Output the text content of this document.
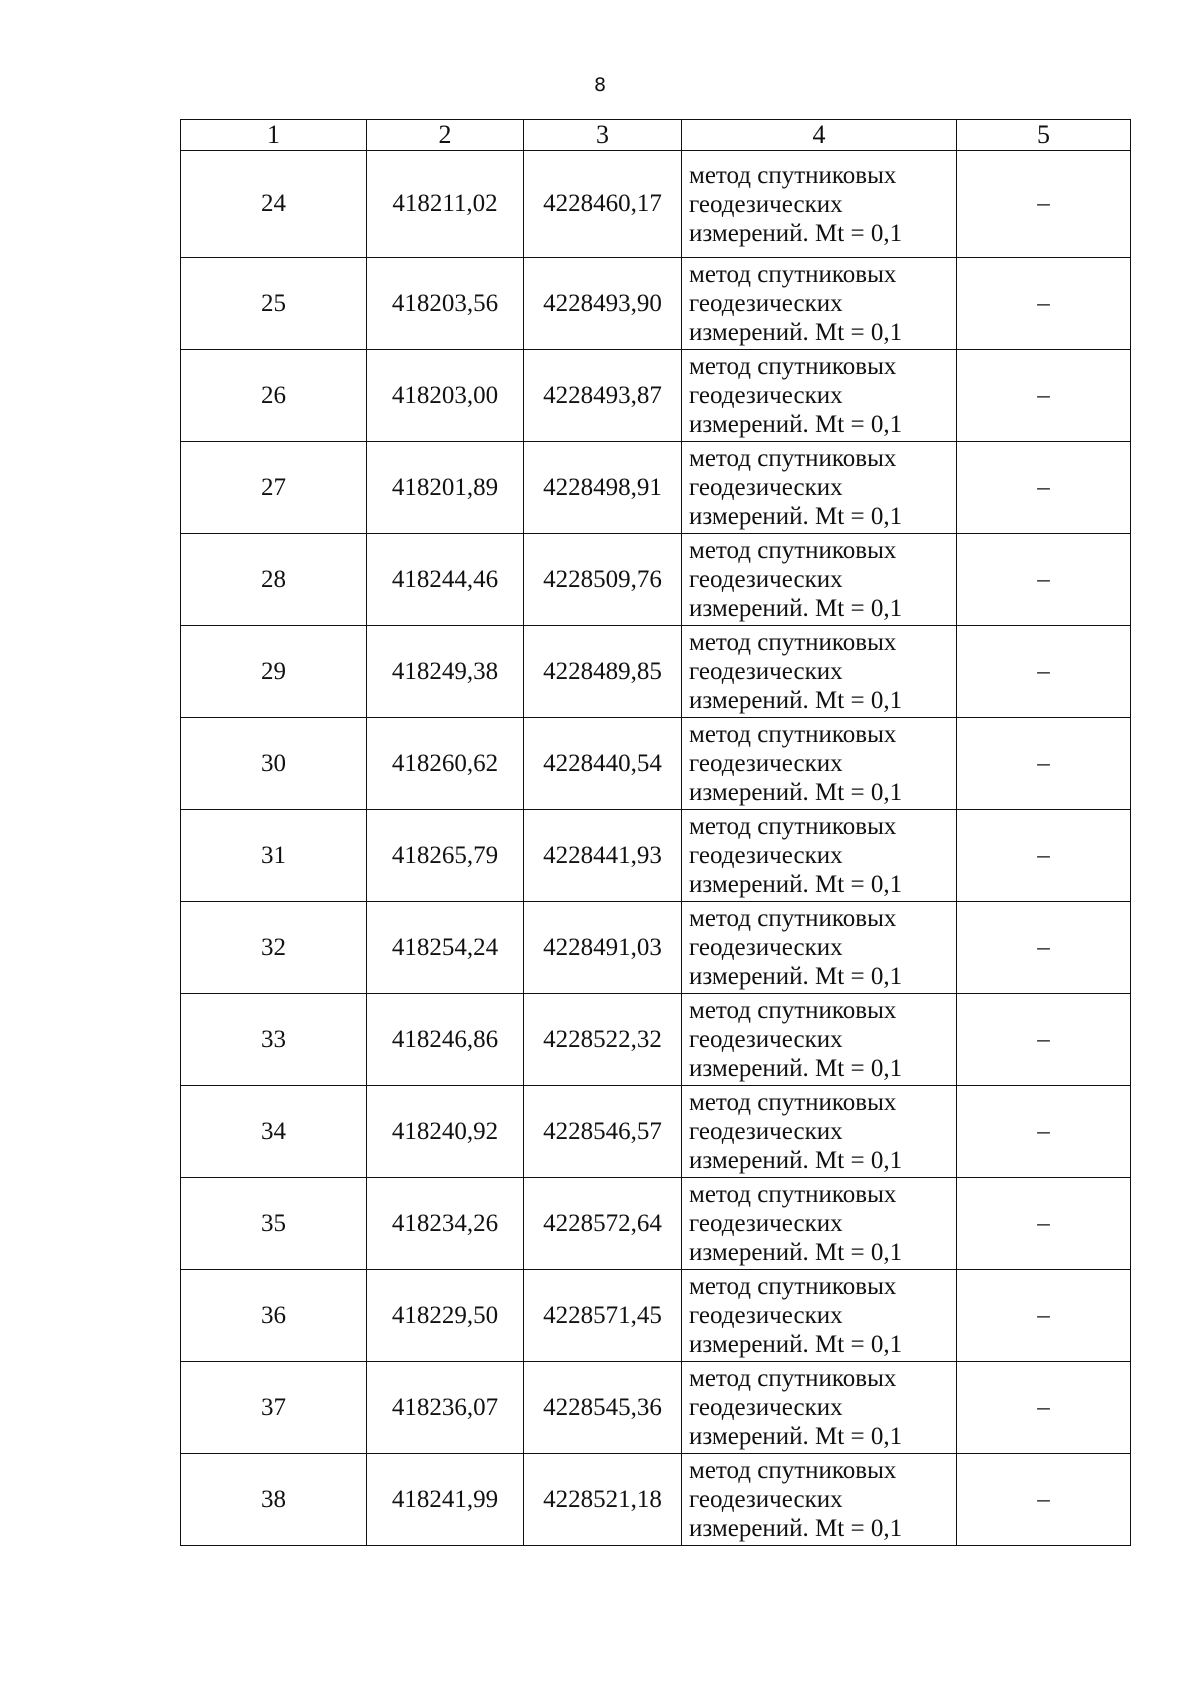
8
1	2	3	4	5
24	418211,02	4228460,17	метод спутниковых
геодезических
измерений. Mt = 0,1	–
25	418203,56	4228493,90	метод спутниковых
геодезических
измерений. Mt = 0,1	–
26	418203,00	4228493,87	метод спутниковых
геодезических
измерений. Mt = 0,1	–
27	418201,89	4228498,91	метод спутниковых
геодезических
измерений. Mt = 0,1	–
28	418244,46	4228509,76	метод спутниковых
геодезических
измерений. Mt = 0,1	–
29	418249,38	4228489,85	метод спутниковых
геодезических
измерений. Mt = 0,1	–
30	418260,62	4228440,54	метод спутниковых
геодезических
измерений. Mt = 0,1	–
31	418265,79	4228441,93	метод спутниковых
геодезических
измерений. Mt = 0,1	–
32	418254,24	4228491,03	метод спутниковых
геодезических
измерений. Mt = 0,1	–
33	418246,86	4228522,32	метод спутниковых
геодезических
измерений. Mt = 0,1	–
34	418240,92	4228546,57	метод спутниковых
геодезических
измерений. Mt = 0,1	–
35	418234,26	4228572,64	метод спутниковых
геодезических
измерений. Mt = 0,1	–
36	418229,50	4228571,45	метод спутниковых
геодезических
измерений. Mt = 0,1	–
37	418236,07	4228545,36	метод спутниковых
геодезических
измерений. Mt = 0,1	–
38	418241,99	4228521,18	метод спутниковых
геодезических
измерений. Mt = 0,1	–
